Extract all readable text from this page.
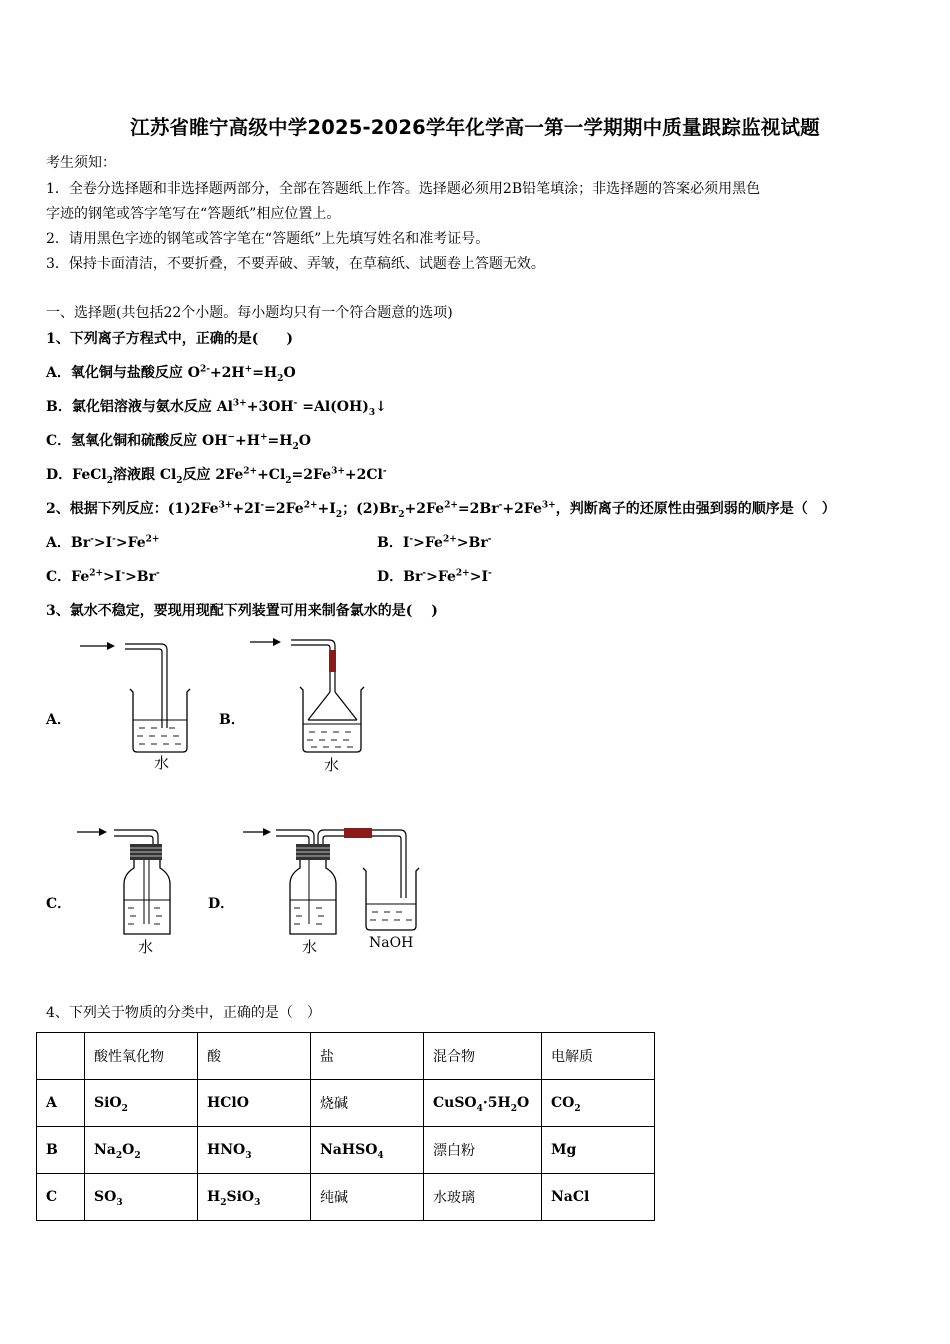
江苏省睢宁高级中学2025-2026学年化学高一第一学期期中质量跟踪监视试题
考生须知：
1．全卷分选择题和非选择题两部分，全部在答题纸上作答。选择题必须用2B铅笔填涂；非选择题的答案必须用黑色
字迹的钢笔或答字笔写在“答题纸”相应位置上。
2．请用黑色字迹的钢笔或答字笔在“答题纸”上先填写姓名和准考证号。
3．保持卡面清洁，不要折叠，不要弄破、弄皱，在草稿纸、试题卷上答题无效。
一、选择题(共包括22个小题。每小题均只有一个符合题意的选项)
1、下列离子方程式中，正确的是(　　)
A．氧化铜与盐酸反应 $O^{2-}+2H^+=H_2O$
B．氯化铝溶液与氨水反应 $Al^{3+}+3OH^-$ $=Al(OH)_3↓$
C．氢氧化铜和硫酸反应 $OH^-+H^+=H_2O$
D．FeCl$_2$溶液跟 $Cl_2$反应 $2Fe^{2+}+Cl_2=2Fe^{3+}+2Cl^-$
2、根据下列反应：$(1)2Fe^{3+}+2I^-=2Fe^{2+}+I_2$；$(2)Br_2+2Fe^{2+}=2Br^-+2Fe^{3+}$，判断离子的还原性由强到弱的顺序是（　）
A．$Br^->I^->Fe^{2+}$	B．$I^->Fe^{2+}>Br^-$
C．$Fe^{2+}>I^->Br^-$	D．$Br^->Fe^{2+}>I^-$
3、氯水不稳定，要现用现配下列装置可用来制备氯水的是(　 )
A．	B．
C．	D．
水	水
水	水	NaOH
4、下列关于物质的分类中，正确的是（　）
	酸性氧化物	酸	盐	混合物	电解质
A	SiO$_2$	HClO	烧碱	$CuSO_4\cdot 5H_2O$	$CO_2$
B	$Na_2O_2$	$HNO_3$	NaHSO$_4$	漂白粉	Mg
C	$SO_3$	$H_2SiO_3$	纯碱	水玻璃	NaCl
